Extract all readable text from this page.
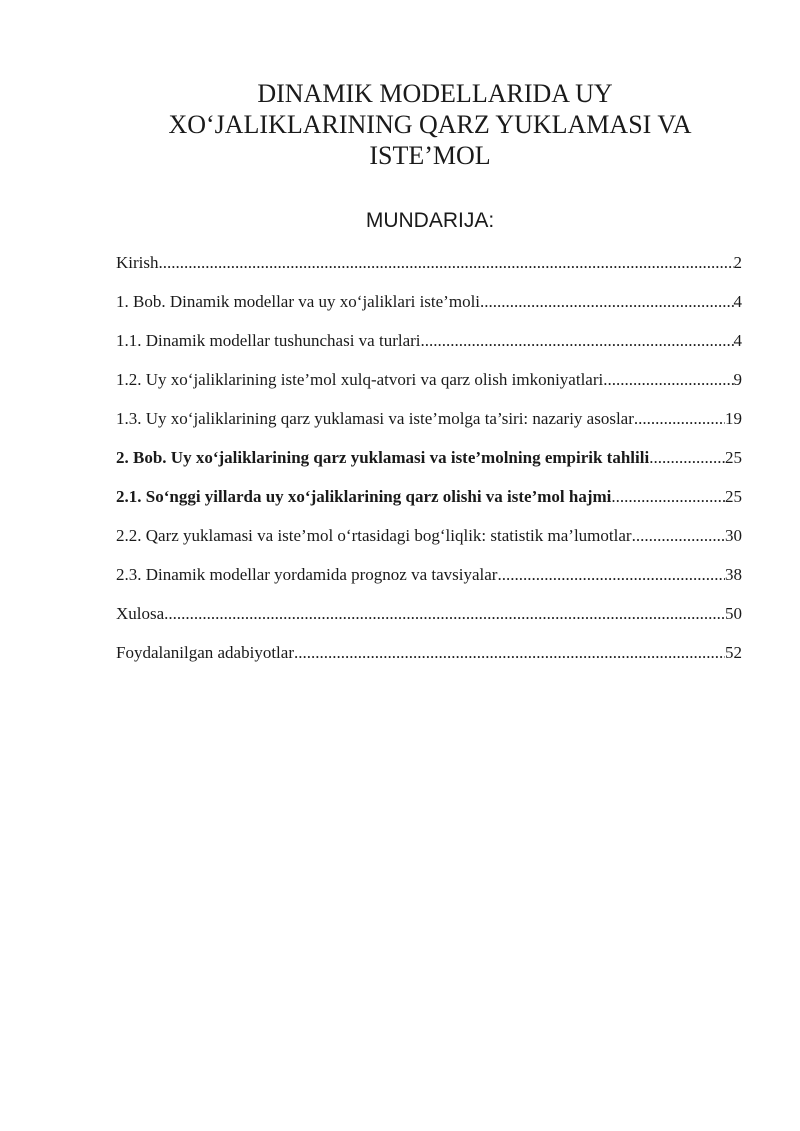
DINAMIK MODELLARIDA UY
XO‘JALIKLARINING QARZ YUKLAMASI VA
ISTE’MOL
MUNDARIJA:
Kirish .....	2
1. Bob. Dinamik modellar va uy xo‘jaliklari iste’moli .....	4
1.1. Dinamik modellar tushunchasi va turlari .....	4
1.2. Uy xo‘jaliklarining iste’mol xulq-atvori va qarz olish imkoniyatlari .....	9
1.3. Uy xo‘jaliklarining qarz yuklamasi va iste’molga ta’siri: nazariy asoslar .....	19
2. Bob. Uy xo‘jaliklarining qarz yuklamasi va iste’molning empirik tahlili .....	25
2.1. So‘nggi yillarda uy xo‘jaliklarining qarz olishi va iste’mol hajmi .....	25
2.2. Qarz yuklamasi va iste’mol o‘rtasidagi bog‘liqlik: statistik ma’lumotlar .....	30
2.3. Dinamik modellar yordamida prognoz va tavsiyalar .....	38
Xulosa .....	50
Foydalanilgan adabiyotlar .....	52
